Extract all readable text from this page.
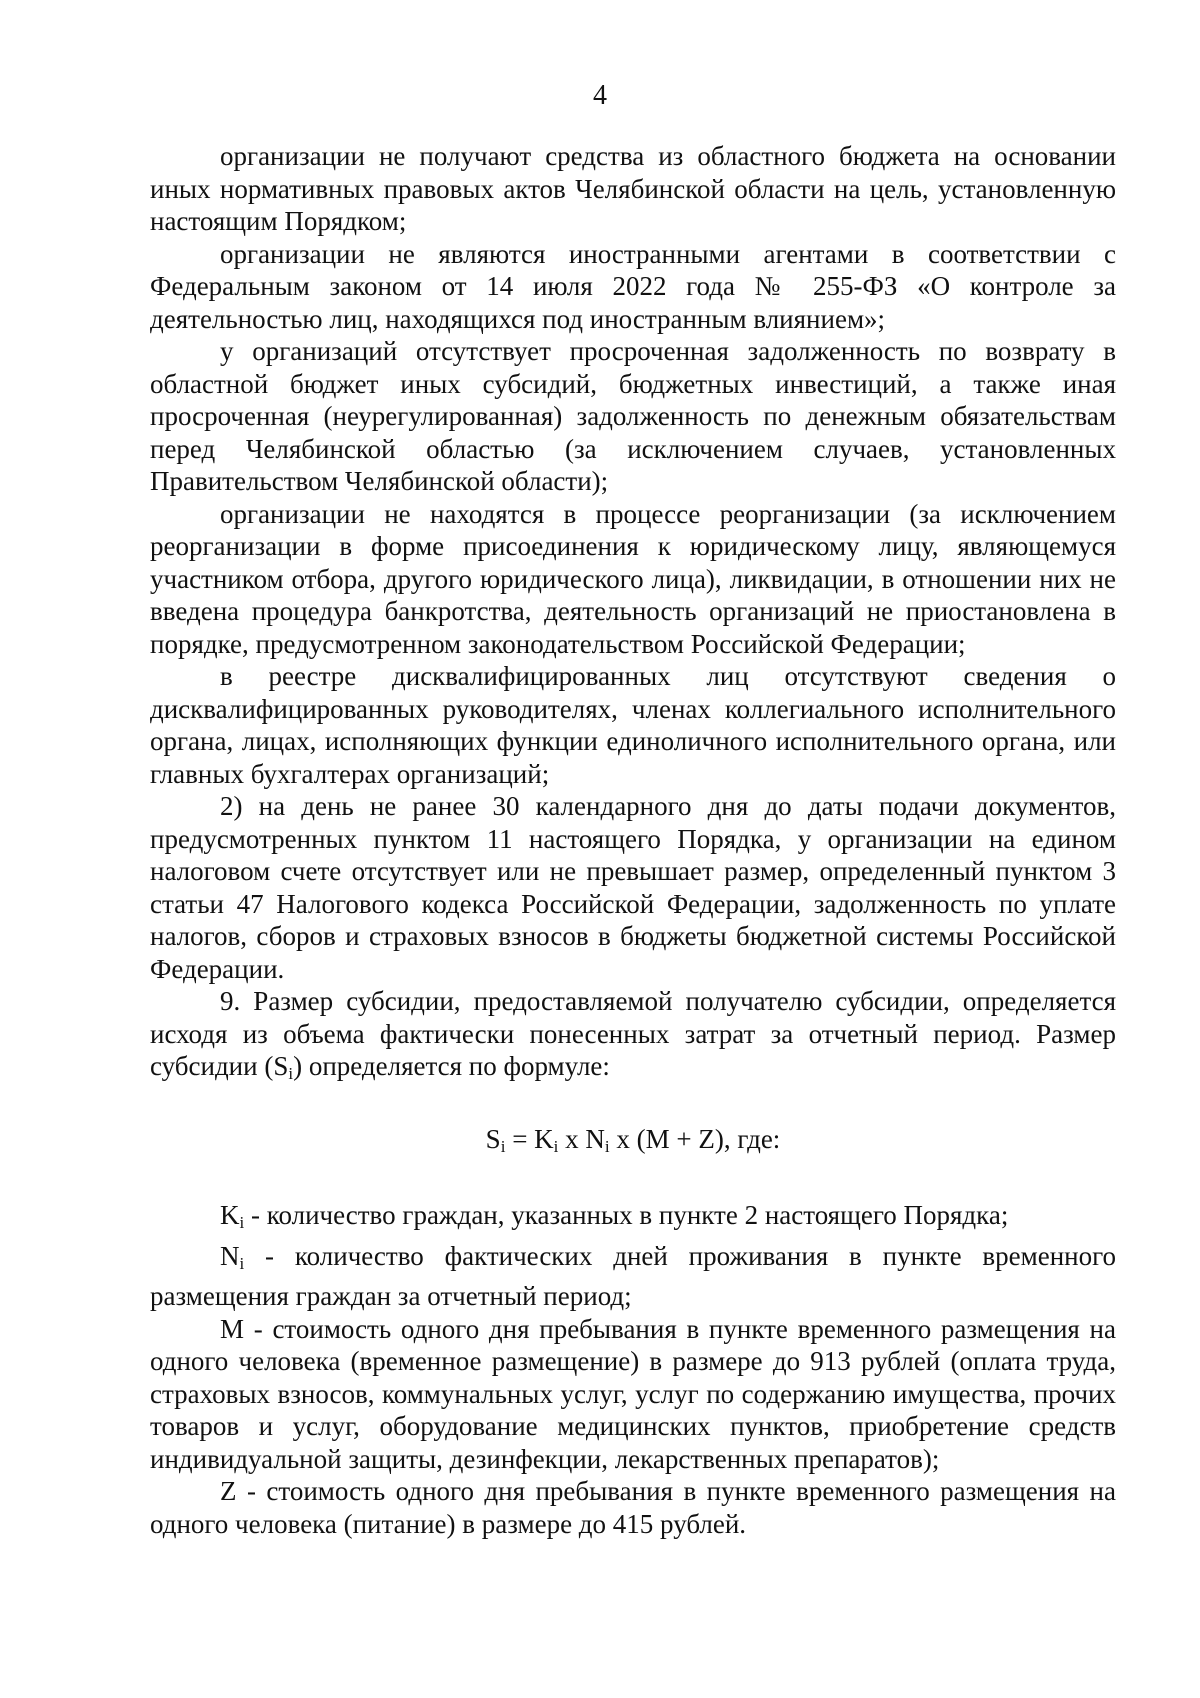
4

организации не получают средства из областного бюджета на основании иных нормативных правовых актов Челябинской области на цель, установленную настоящим Порядком;

организации не являются иностранными агентами в соответствии с Федеральным законом от 14 июля 2022 года № 255-ФЗ «О контроле за деятельностью лиц, находящихся под иностранным влиянием»;

у организаций отсутствует просроченная задолженность по возврату в областной бюджет иных субсидий, бюджетных инвестиций, а также иная просроченная (неурегулированная) задолженность по денежным обязательствам перед Челябинской областью (за исключением случаев, установленных Правительством Челябинской области);

организации не находятся в процессе реорганизации (за исключением реорганизации в форме присоединения к юридическому лицу, являющемуся участником отбора, другого юридического лица), ликвидации, в отношении них не введена процедура банкротства, деятельность организаций не приостановлена в порядке, предусмотренном законодательством Российской Федерации;

в реестре дисквалифицированных лиц отсутствуют сведения о дисквалифицированных руководителях, членах коллегиального исполнительного органа, лицах, исполняющих функции единоличного исполнительного органа, или главных бухгалтерах организаций;

2) на день не ранее 30 календарного дня до даты подачи документов, предусмотренных пунктом 11 настоящего Порядка, у организации на едином налоговом счете отсутствует или не превышает размер, определенный пунктом 3 статьи 47 Налогового кодекса Российской Федерации, задолженность по уплате налогов, сборов и страховых взносов в бюджеты бюджетной системы Российской Федерации.

9. Размер субсидии, предоставляемой получателю субсидии, определяется исходя из объема фактически понесенных затрат за отчетный период. Размер субсидии $(S_i)$ определяется по формуле:

$S_i = K_i$ x $N_i$ x (M + Z), где:

$K_i$ - количество граждан, указанных в пункте 2 настоящего Порядка;

$N_i$ - количество фактических дней проживания в пункте временного размещения граждан за отчетный период;

M - стоимость одного дня пребывания в пункте временного размещения на одного человека (временное размещение) в размере до 913 рублей (оплата труда, страховых взносов, коммунальных услуг, услуг по содержанию имущества, прочих товаров и услуг, оборудование медицинских пунктов, приобретение средств индивидуальной защиты, дезинфекции, лекарственных препаратов);

Z - стоимость одного дня пребывания в пункте временного размещения на одного человека (питание) в размере до 415 рублей.
